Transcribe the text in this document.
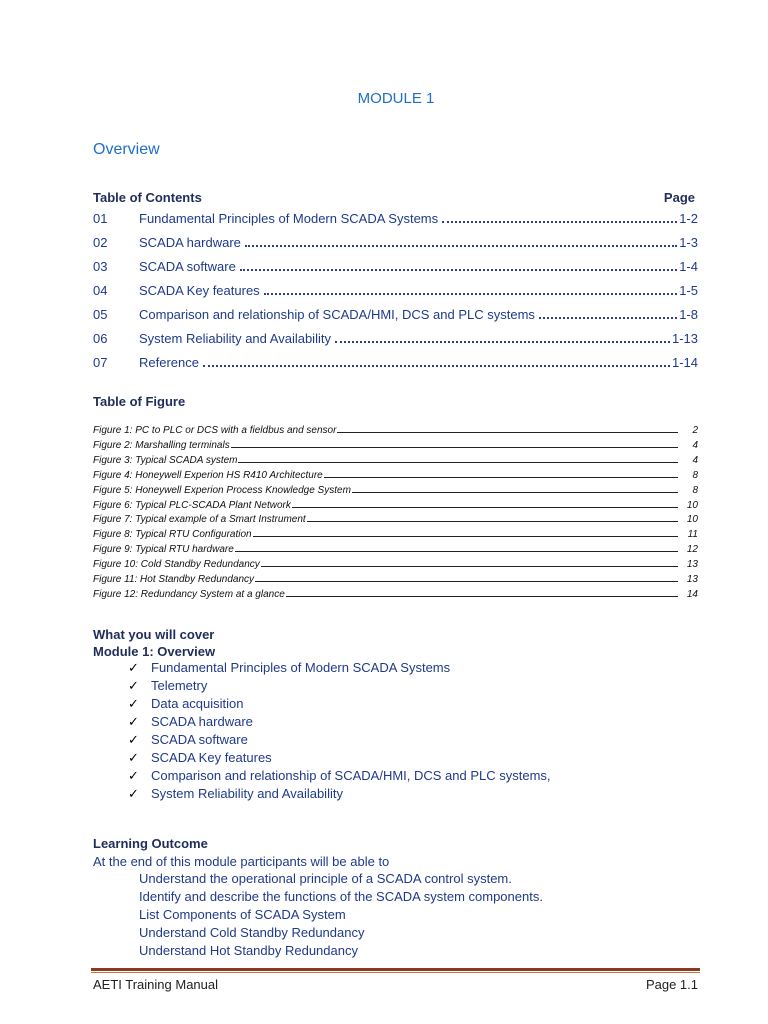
MODULE 1
Overview
Table of Contents	Page
01	Fundamental Principles of Modern SCADA Systems	1-2
02	SCADA hardware	1-3
03	SCADA software	1-4
04	SCADA Key features	1-5
05	Comparison and relationship of SCADA/HMI, DCS and PLC systems	1-8
06	System Reliability and Availability	1-13
07	Reference	1-14
Table of Figure
Figure 1: PC to PLC or DCS with a fieldbus and sensor	2
Figure 2: Marshalling terminals	4
Figure 3: Typical SCADA system	4
Figure 4: Honeywell Experion HS R410 Architecture	8
Figure 5: Honeywell Experion Process Knowledge System	8
Figure 6: Typical PLC-SCADA Plant Network	10
Figure 7: Typical example of a Smart Instrument	10
Figure 8: Typical RTU Configuration	11
Figure 9: Typical RTU hardware	12
Figure 10: Cold Standby Redundancy	13
Figure 11: Hot Standby Redundancy	13
Figure 12: Redundancy System at a glance	14
What you will cover
Module 1: Overview
✓ Fundamental Principles of Modern SCADA Systems
✓ Telemetry
✓ Data acquisition
✓ SCADA hardware
✓ SCADA software
✓ SCADA Key features
✓ Comparison and relationship of SCADA/HMI, DCS and PLC systems,
✓ System Reliability and Availability
Learning Outcome
At the end of this module participants will be able to
Understand the operational principle of a SCADA control system.
Identify and describe the functions of the SCADA system components.
List Components of SCADA System
Understand Cold Standby Redundancy
Understand Hot Standby Redundancy
AETI Training Manual	Page 1.1
